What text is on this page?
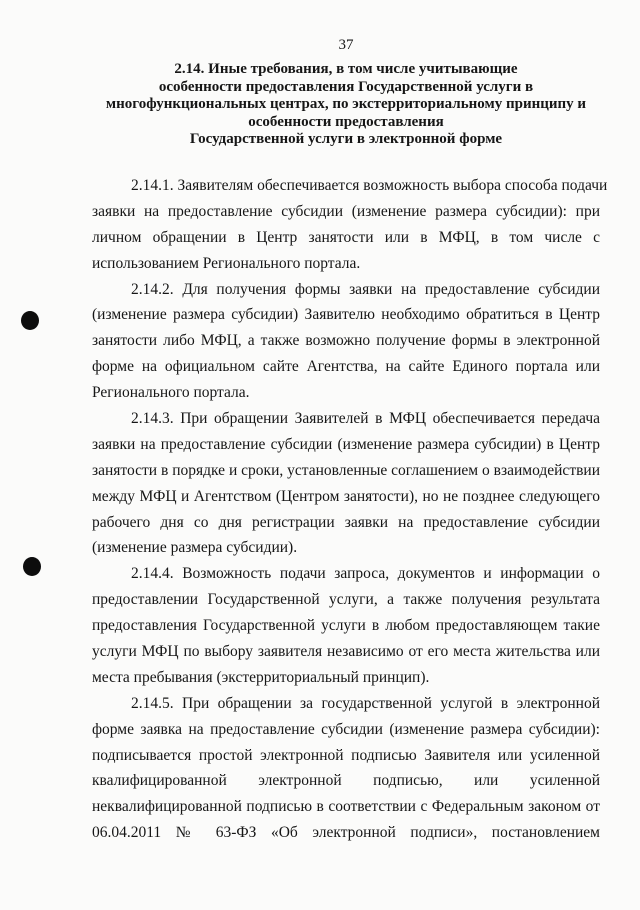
37
2.14. Иные требования, в том числе учитывающие
особенности предоставления Государственной услуги в
многофункциональных центрах, по экстерриториальному принципу и
особенности предоставления
Государственной услуги в электронной форме
2.14.1. Заявителям обеспечивается возможность выбора способа подачи
заявки на предоставление субсидии (изменение размера субсидии): при
личном обращении в Центр занятости или в МФЦ, в том числе с
использованием Регионального портала.
2.14.2. Для получения формы заявки на предоставление субсидии
(изменение размера субсидии) Заявителю необходимо обратиться в Центр
занятости либо МФЦ, а также возможно получение формы в электронной
форме на официальном сайте Агентства, на сайте Единого портала или
Регионального портала.
2.14.3. При обращении Заявителей в МФЦ обеспечивается передача
заявки на предоставление субсидии (изменение размера субсидии) в Центр
занятости в порядке и сроки, установленные соглашением о взаимодействии
между МФЦ и Агентством (Центром занятости), но не позднее следующего
рабочего дня со дня регистрации заявки на предоставление субсидии
(изменение размера субсидии).
2.14.4. Возможность подачи запроса, документов и информации о
предоставлении Государственной услуги, а также получения результата
предоставления Государственной услуги в любом предоставляющем такие
услуги МФЦ по выбору заявителя независимо от его места жительства или
места пребывания (экстерриториальный принцип).
2.14.5. При обращении за государственной услугой в электронной
форме заявка на предоставление субсидии (изменение размера субсидии):
подписывается простой электронной подписью Заявителя или усиленной
квалифицированной электронной подписью, или усиленной
неквалифицированной подписью в соответствии с Федеральным законом от
06.04.2011 № 63-ФЗ «Об электронной подписи», постановлением
